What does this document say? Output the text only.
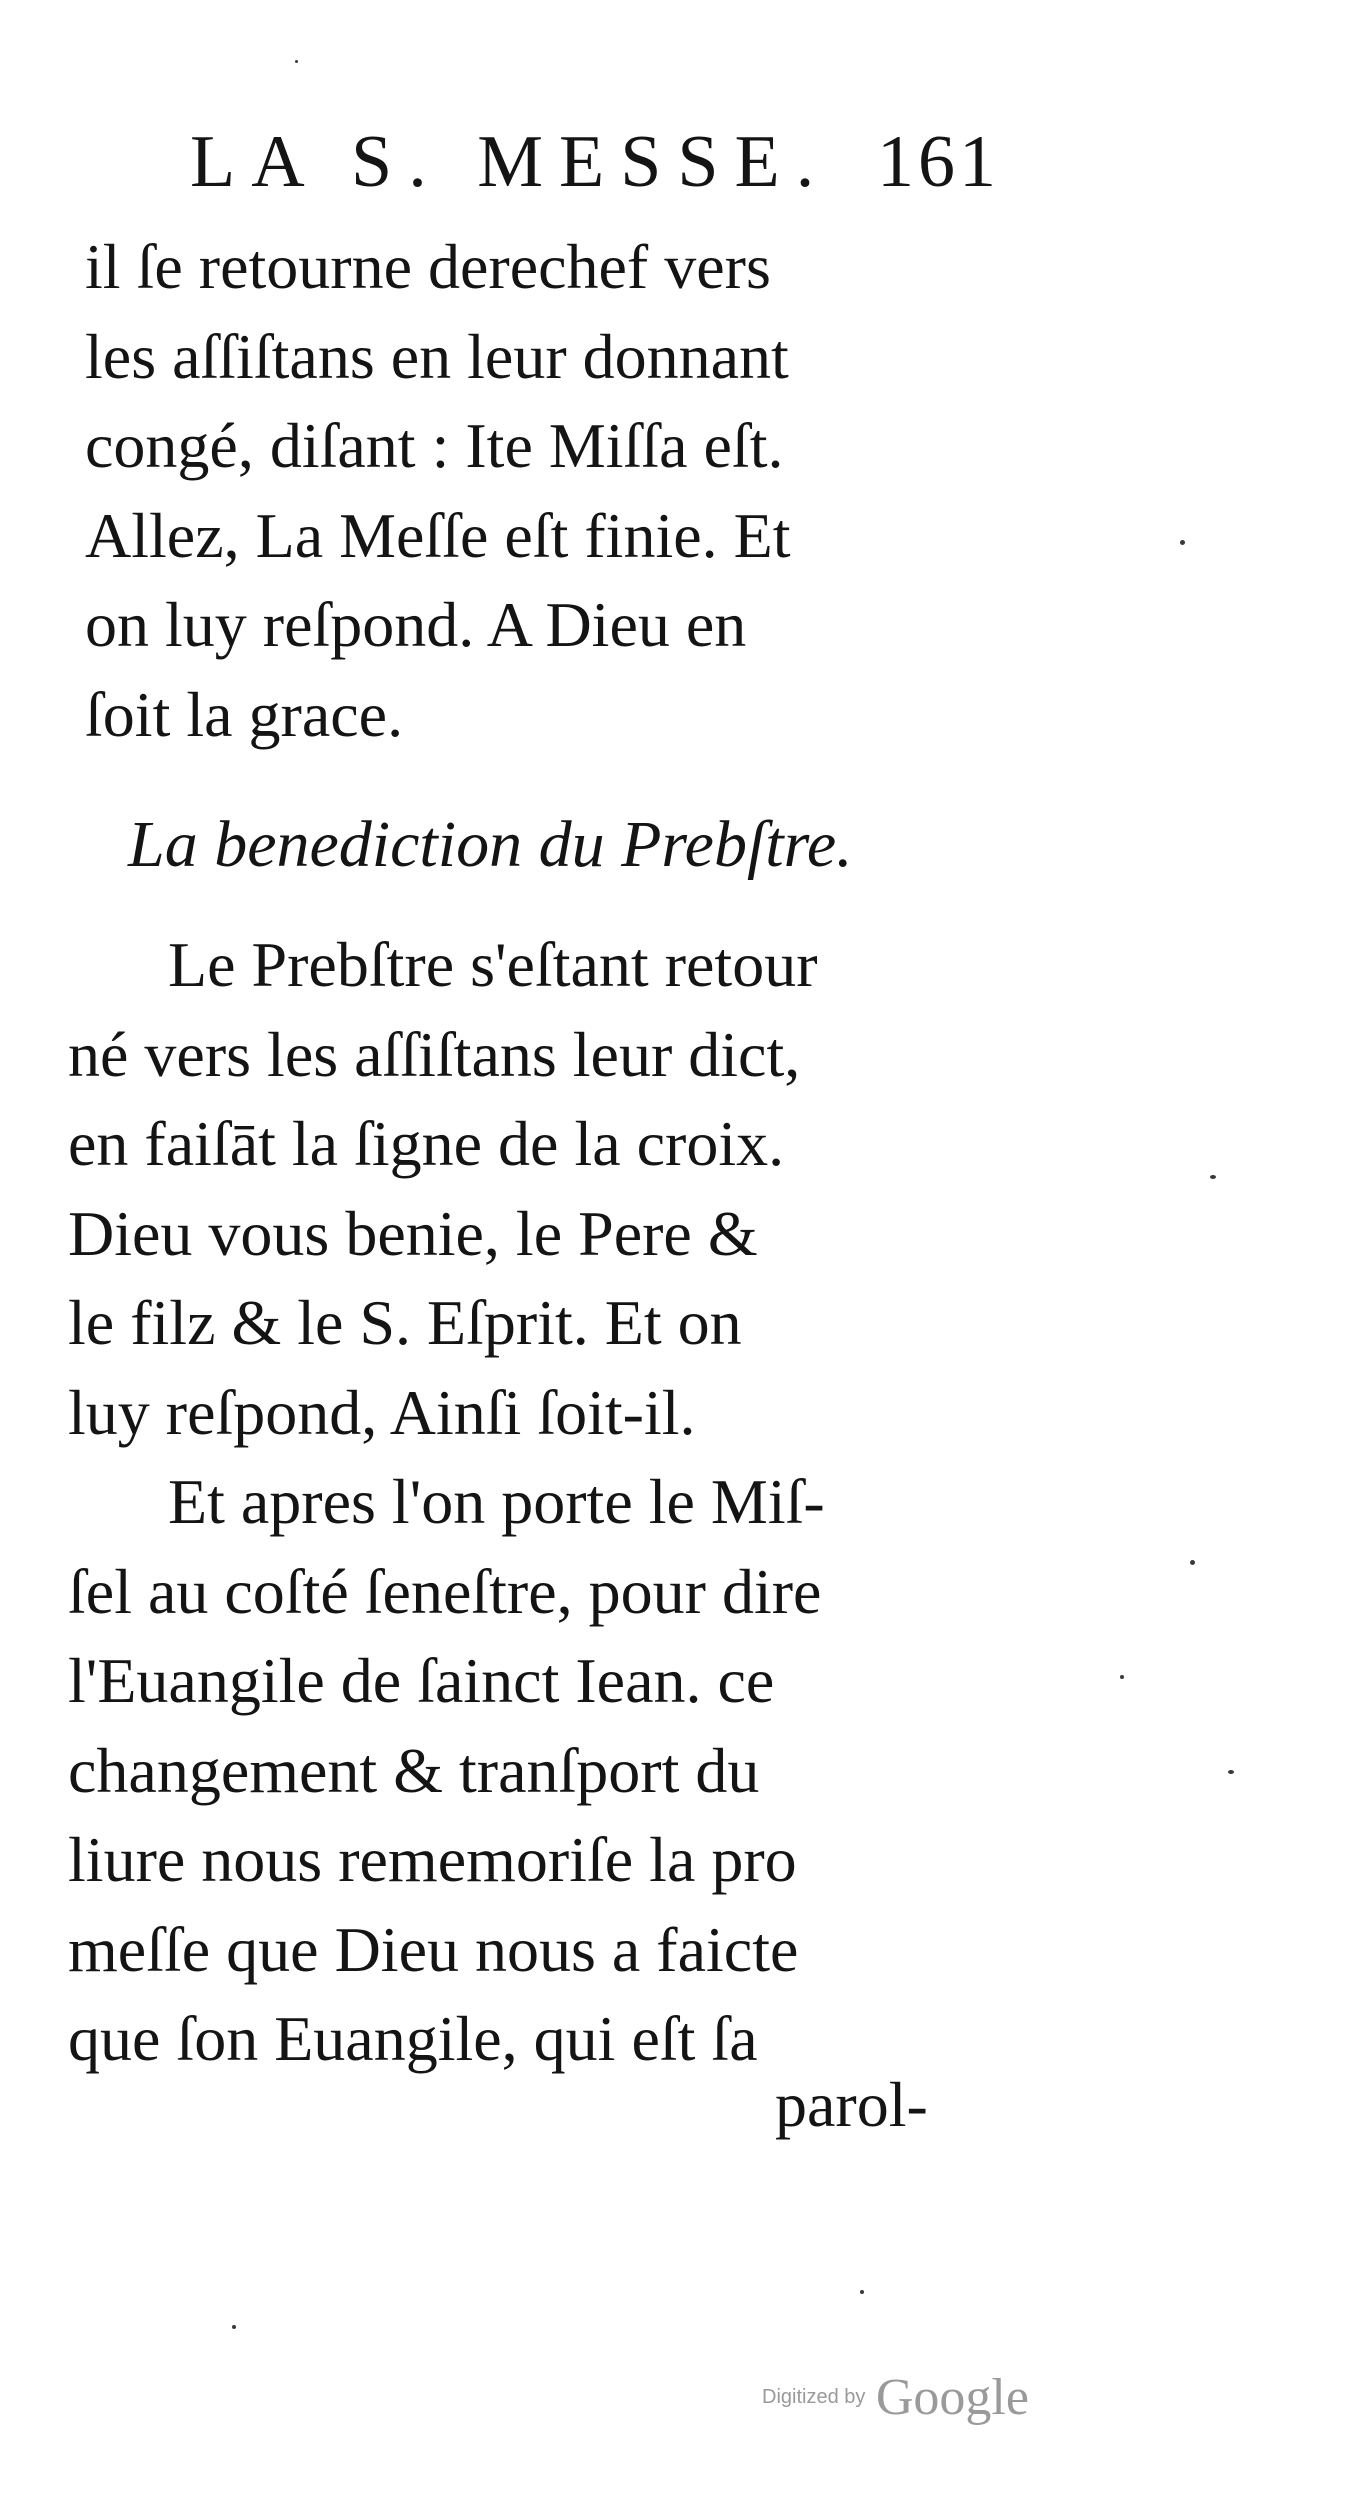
LA S. MESSE. 161
il ſe retourne derechef vers
les aſſiſtans en leur donnant
congé, diſant : Ite Miſſa eſt.
Allez, La Meſſe eſt finie. Et
on luy reſpond. A Dieu en
ſoit la grace.
La benediction du Prebſtre.
Le Prebſtre s'eſtant retour
né vers les aſſiſtans leur dict,
en faiſāt la ſigne de la croix.
Dieu vous benie, le Pere &
le filz & le S. Eſprit. Et on
luy reſpond, Ainſi ſoit-il.
Et apres l'on porte le Miſ-
ſel au coſté ſeneſtre, pour dire
l'Euangile de ſainct Iean. ce
changement & tranſport du
liure nous rememoriſe la pro
meſſe que Dieu nous a faicte
que ſon Euangile, qui eſt ſa
parol-
Digitized by Google
